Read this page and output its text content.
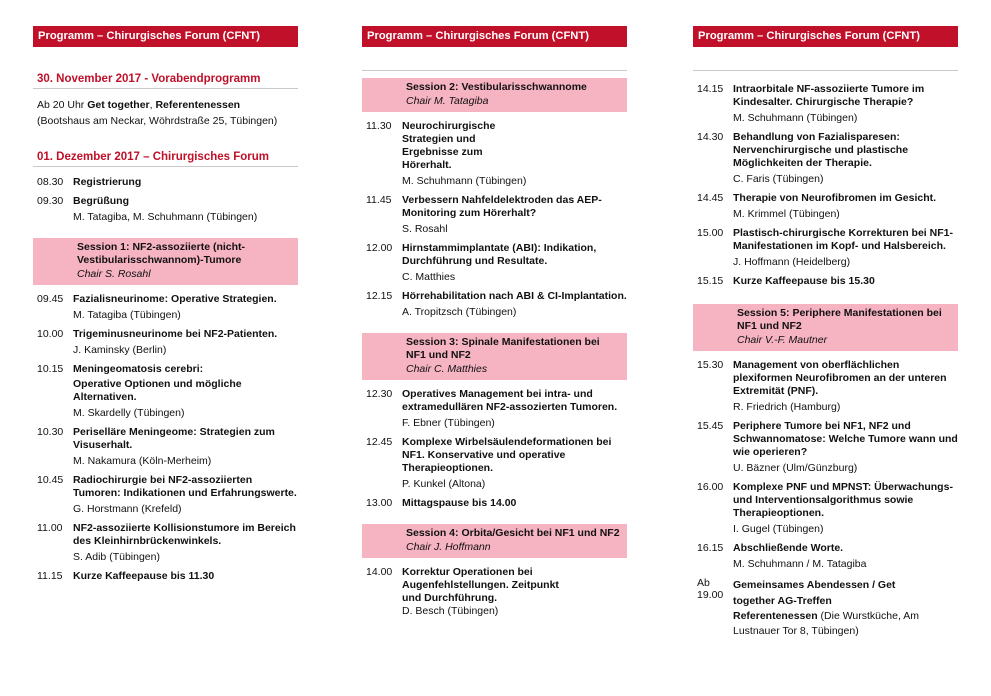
Programm – Chirurgisches Forum (CFNT)
30. November 2017 - Vorabendprogramm

Ab 20 Uhr Get together, Referentenessen

(Bootshaus am Neckar, Wöhrdstraße 25, Tübingen)

01. Dezember 2017 – Chirurgisches Forum
08.30 Registrierung
09.30 Begrüßung
M. Tatagiba, M. Schuhmann (Tübingen)
Session 1: NF2-assoziierte (nicht-Vestibularisschwannom)-Tumore
Chair S. Rosahl
09.45 Fazialisneurinome: Operative Strategien.
M. Tatagiba (Tübingen)
10.00 Trigeminusneurinome bei NF2-Patienten.
J. Kaminsky (Berlin)
10.15 Meningeomatosis cerebri:
Operative Optionen und mögliche Alternativen.
M. Skardelly (Tübingen)
10.30 Periselläre Meningeome: Strategien zum Visuserhalt.
M. Nakamura (Köln-Merheim)
10.45 Radiochirurgie bei NF2-assoziierten Tumoren: Indikationen und Erfahrungswerte.
G. Horstmann (Krefeld)
11.00	NF2-assoziierte Kollisionstumore im Bereich des Kleinhirnbrückenwinkels.
S. Adib (Tübingen)
11.15	Kurze Kaffeepause bis 11.30
Programm – Chirurgisches Forum (CFNT)
Session 2: Vestibularisschwannome
Chair M. Tatagiba
11.30	Neurochirurgische Strategien und Ergebnisse zum Hörerhalt.
M. Schuhmann (Tübingen)
11.45	Verbessern Nahfeldelektroden das AEP-Monitoring zum Hörerhalt?
S. Rosahl
12.00 Hirnstammimplantate (ABI): Indikation, Durchführung und Resultate.
C. Matthies
12.15 Hörrehabilitation nach ABI & CI-Implantation.
A. Tropitzsch (Tübingen)
Session 3: Spinale Manifestationen bei NF1 und NF2
Chair C. Matthies
12.30 Operatives Management bei intra- und extramedullären NF2-assozierten Tumoren.
F. Ebner (Tübingen)
12.45 Komplexe Wirbelsäulendeformationen bei NF1. Konservative und operative Therapieoptionen.
P. Kunkel (Altona)
13.00 Mittagspause bis 14.00
Session 4: Orbita/Gesicht bei NF1 und NF2
Chair J. Hoffmann
14.00 Korrektur Operationen bei Augenfehlstellungen. Zeitpunkt und Durchführung.
D. Besch (Tübingen)
Programm – Chirurgisches Forum (CFNT)
14.15 Intraorbitale NF-assoziierte Tumore im Kindesalter. Chirurgische Therapie?
M. Schuhmann (Tübingen)
14.30 Behandlung von Fazialisparesen: Nervenchirurgische und plastische Möglichkeiten der Therapie.
C. Faris (Tübingen)
14.45 Therapie von Neurofibromen im Gesicht.
M. Krimmel (Tübingen)
15.00 Plastisch-chirurgische Korrekturen bei NF1-Manifestationen im Kopf- und Halsbereich.
J. Hoffmann (Heidelberg)
15.15 Kurze Kaffeepause bis 15.30
Session 5: Periphere Manifestationen bei NF1 und NF2
Chair V.-F. Mautner
15.30 Management von oberflächlichen plexiformen Neurofibromen an der unteren Extremität (PNF).
R. Friedrich (Hamburg)
15.45 Periphere Tumore bei NF1, NF2 und Schwannomatose: Welche Tumore wann und wie operieren?
U. Bäzner (Ulm/Günzburg)
16.00 Komplexe PNF und MPNST: Überwachungs- und Interventionsalgorithmus sowie Therapieoptionen.
I. Gugel (Tübingen)
16.15 Abschließende Worte.
M. Schuhmann / M. Tatagiba
Ab 19.00
Gemeinsames Abendessen / Get together AG-Treffen
Referentenessen (Die Wurstküche, Am
Lustnauer Tor 8, Tübingen)
